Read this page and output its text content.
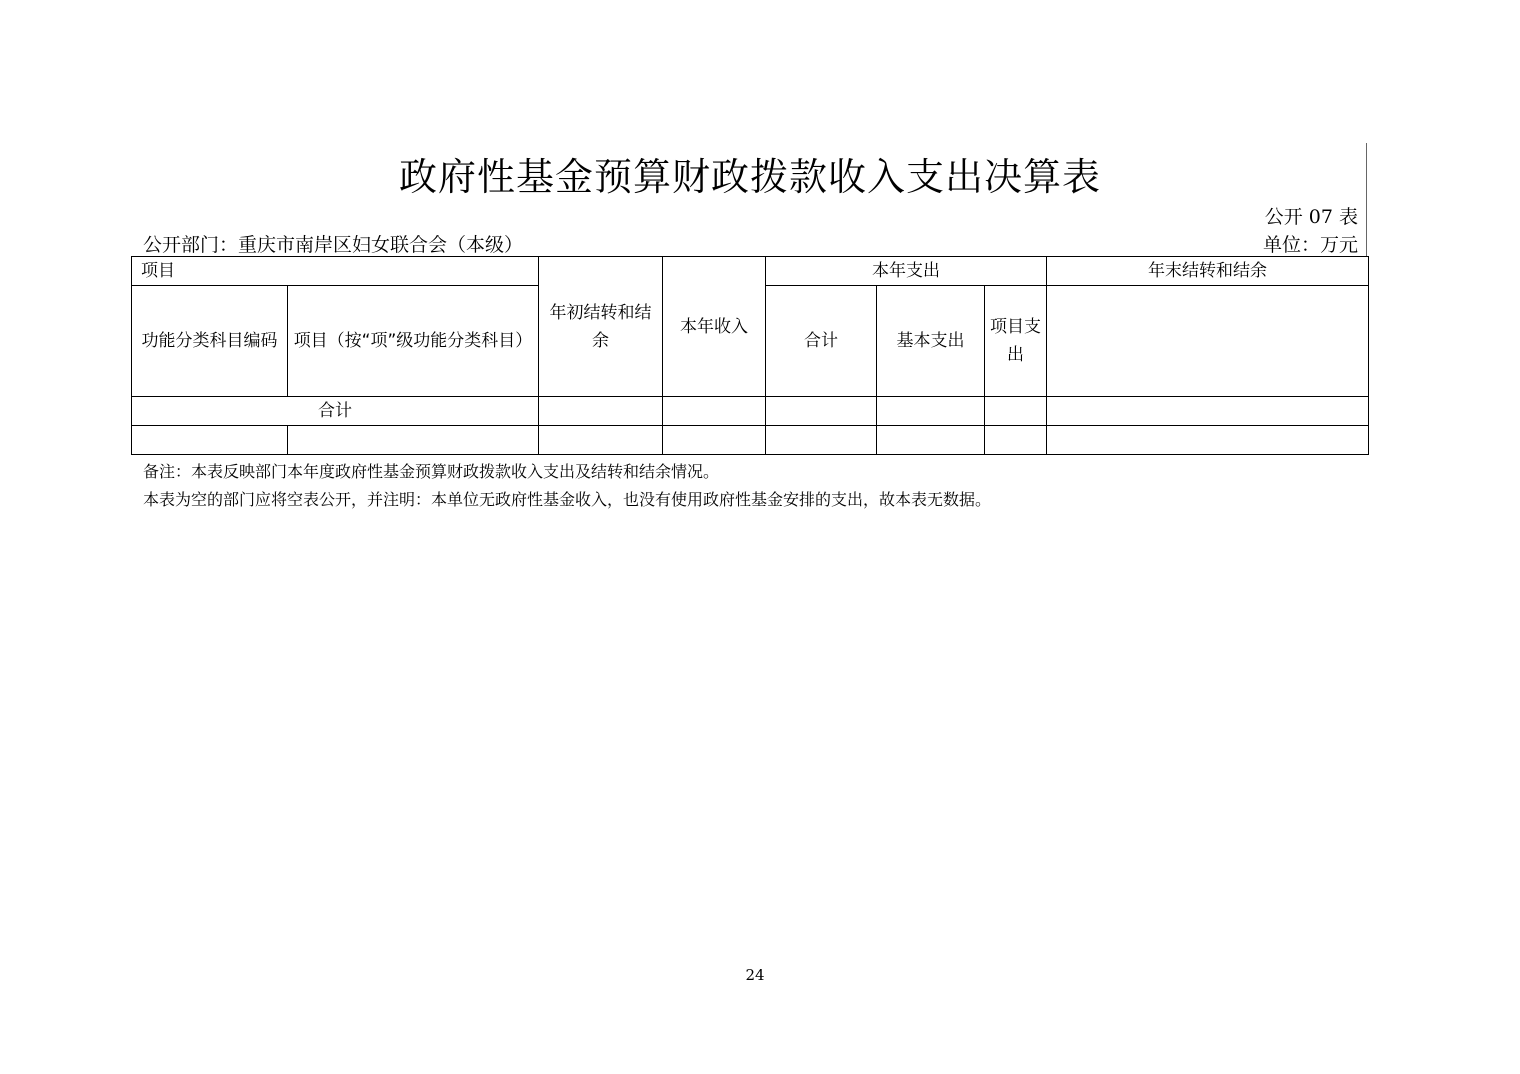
政府性基金预算财政拨款收入支出决算表
公开 07 表
公开部门：重庆市南岸区妇女联合会（本级）	单位：万元
项目		年初结转和结余	本年收入	本年支出			年末结转和结余
功能分类科目编码	项目（按“项”级功能分类科目）			合计	基本支出	项目支出	
合计							

备注：本表反映部门本年度政府性基金预算财政拨款收入支出及结转和结余情况。
本表为空的部门应将空表公开，并注明：本单位无政府性基金收入，也没有使用政府性基金安排的支出，故本表无数据。
24
